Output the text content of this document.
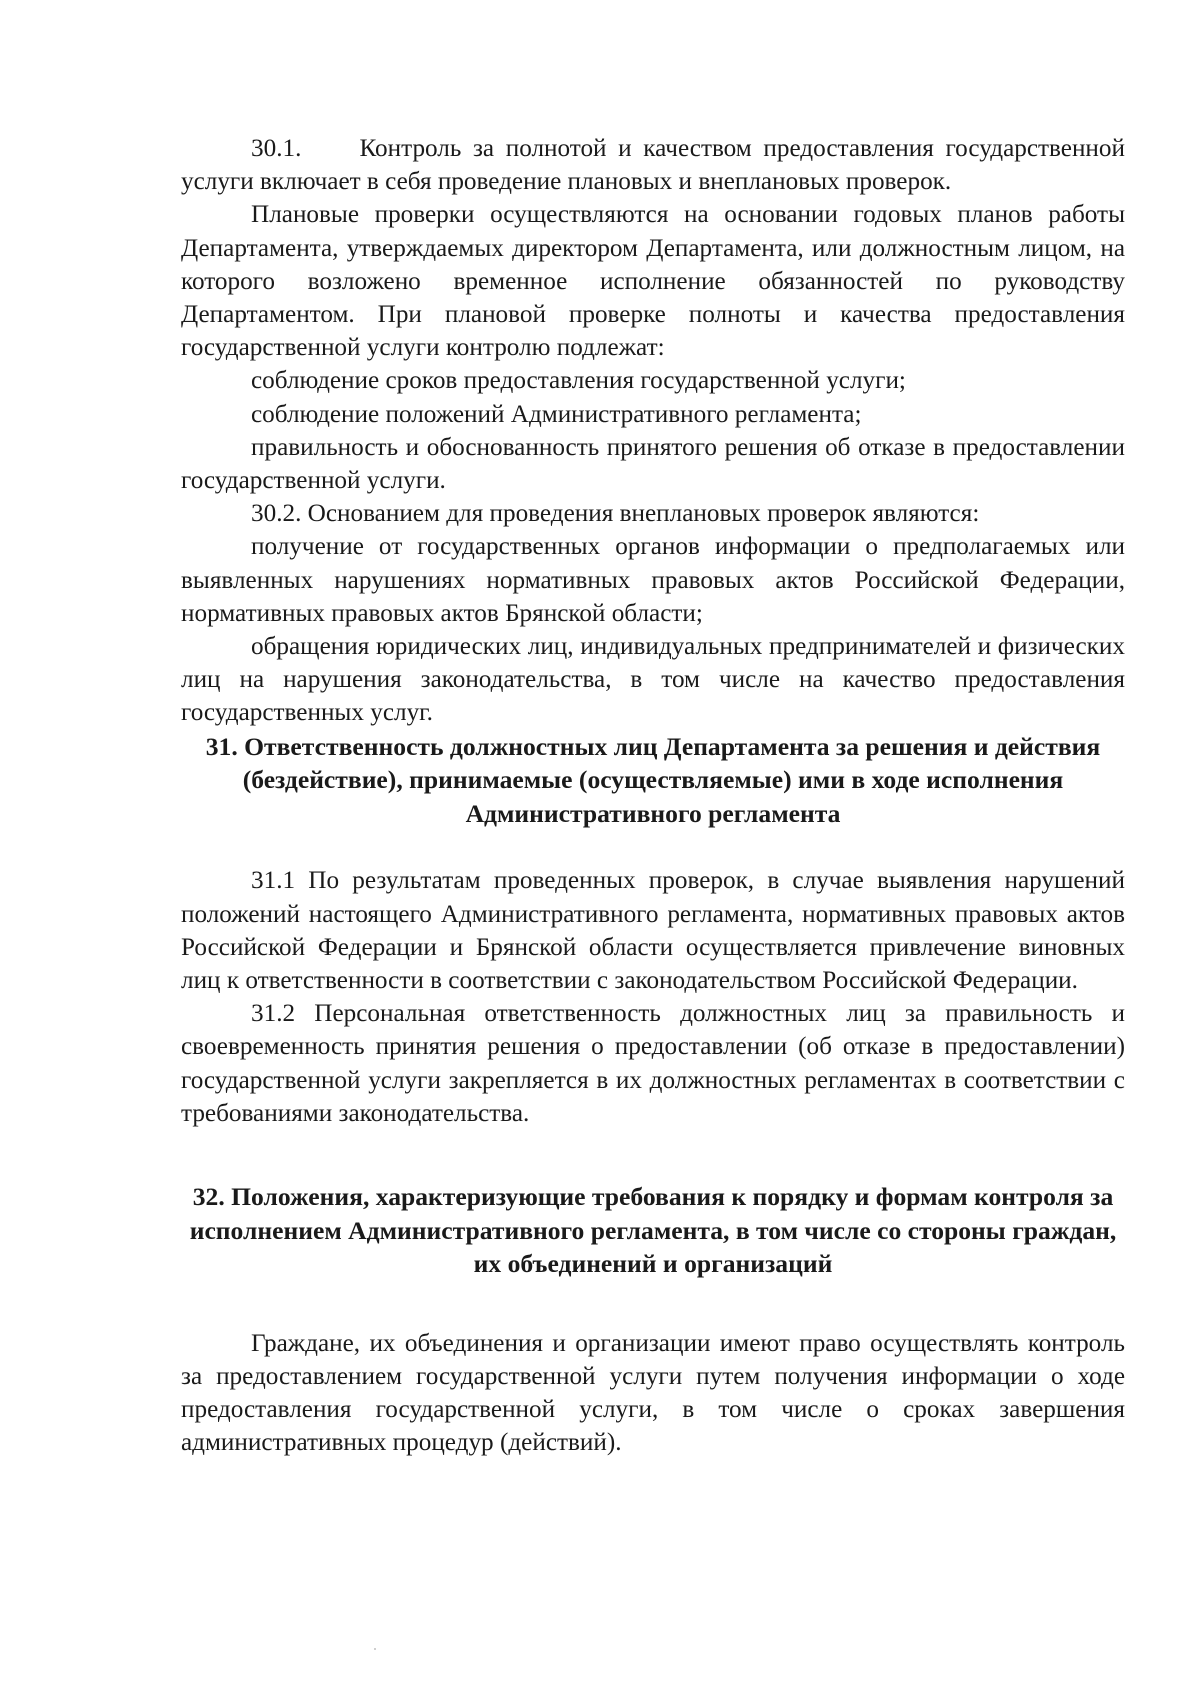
30.1.     Контроль за полнотой и качеством предоставления государственной услуги включает в себя проведение плановых и внеплановых проверок.

Плановые проверки осуществляются на основании годовых планов работы Департамента, утверждаемых директором Департамента, или должностным лицом, на которого возложено временное исполнение обязанностей по руководству Департаментом. При плановой проверке полноты и качества предоставления государственной услуги контролю подлежат:

соблюдение сроков предоставления государственной услуги;

соблюдение положений Административного регламента;

правильность и обоснованность принятого решения об отказе в предоставлении государственной услуги.

30.2. Основанием для проведения внеплановых проверок являются:

получение от государственных органов информации о предполагаемых или выявленных нарушениях нормативных правовых актов Российской Федерации, нормативных правовых актов Брянской области;

обращения юридических лиц, индивидуальных предпринимателей и физических лиц на нарушения законодательства, в том числе на качество предоставления государственных услуг.

31. Ответственность должностных лиц Департамента за решения и действия (бездействие), принимаемые (осуществляемые) ими в ходе исполнения Административного регламента

31.1 По результатам проведенных проверок, в случае выявления нарушений положений настоящего Административного регламента, нормативных правовых актов Российской Федерации и Брянской области осуществляется привлечение виновных лиц к ответственности в соответствии с законодательством Российской Федерации.

31.2 Персональная ответственность должностных лиц за правильность и своевременность принятия решения о предоставлении (об отказе в предоставлении) государственной услуги закрепляется в их должностных регламентах в соответствии с требованиями законодательства.

32. Положения, характеризующие требования к порядку и формам контроля за исполнением Административного регламента, в том числе со стороны граждан, их объединений и организаций

Граждане, их объединения и организации имеют право осуществлять контроль за предоставлением государственной услуги путем получения информации о ходе предоставления государственной услуги, в том числе о сроках завершения административных процедур (действий).
